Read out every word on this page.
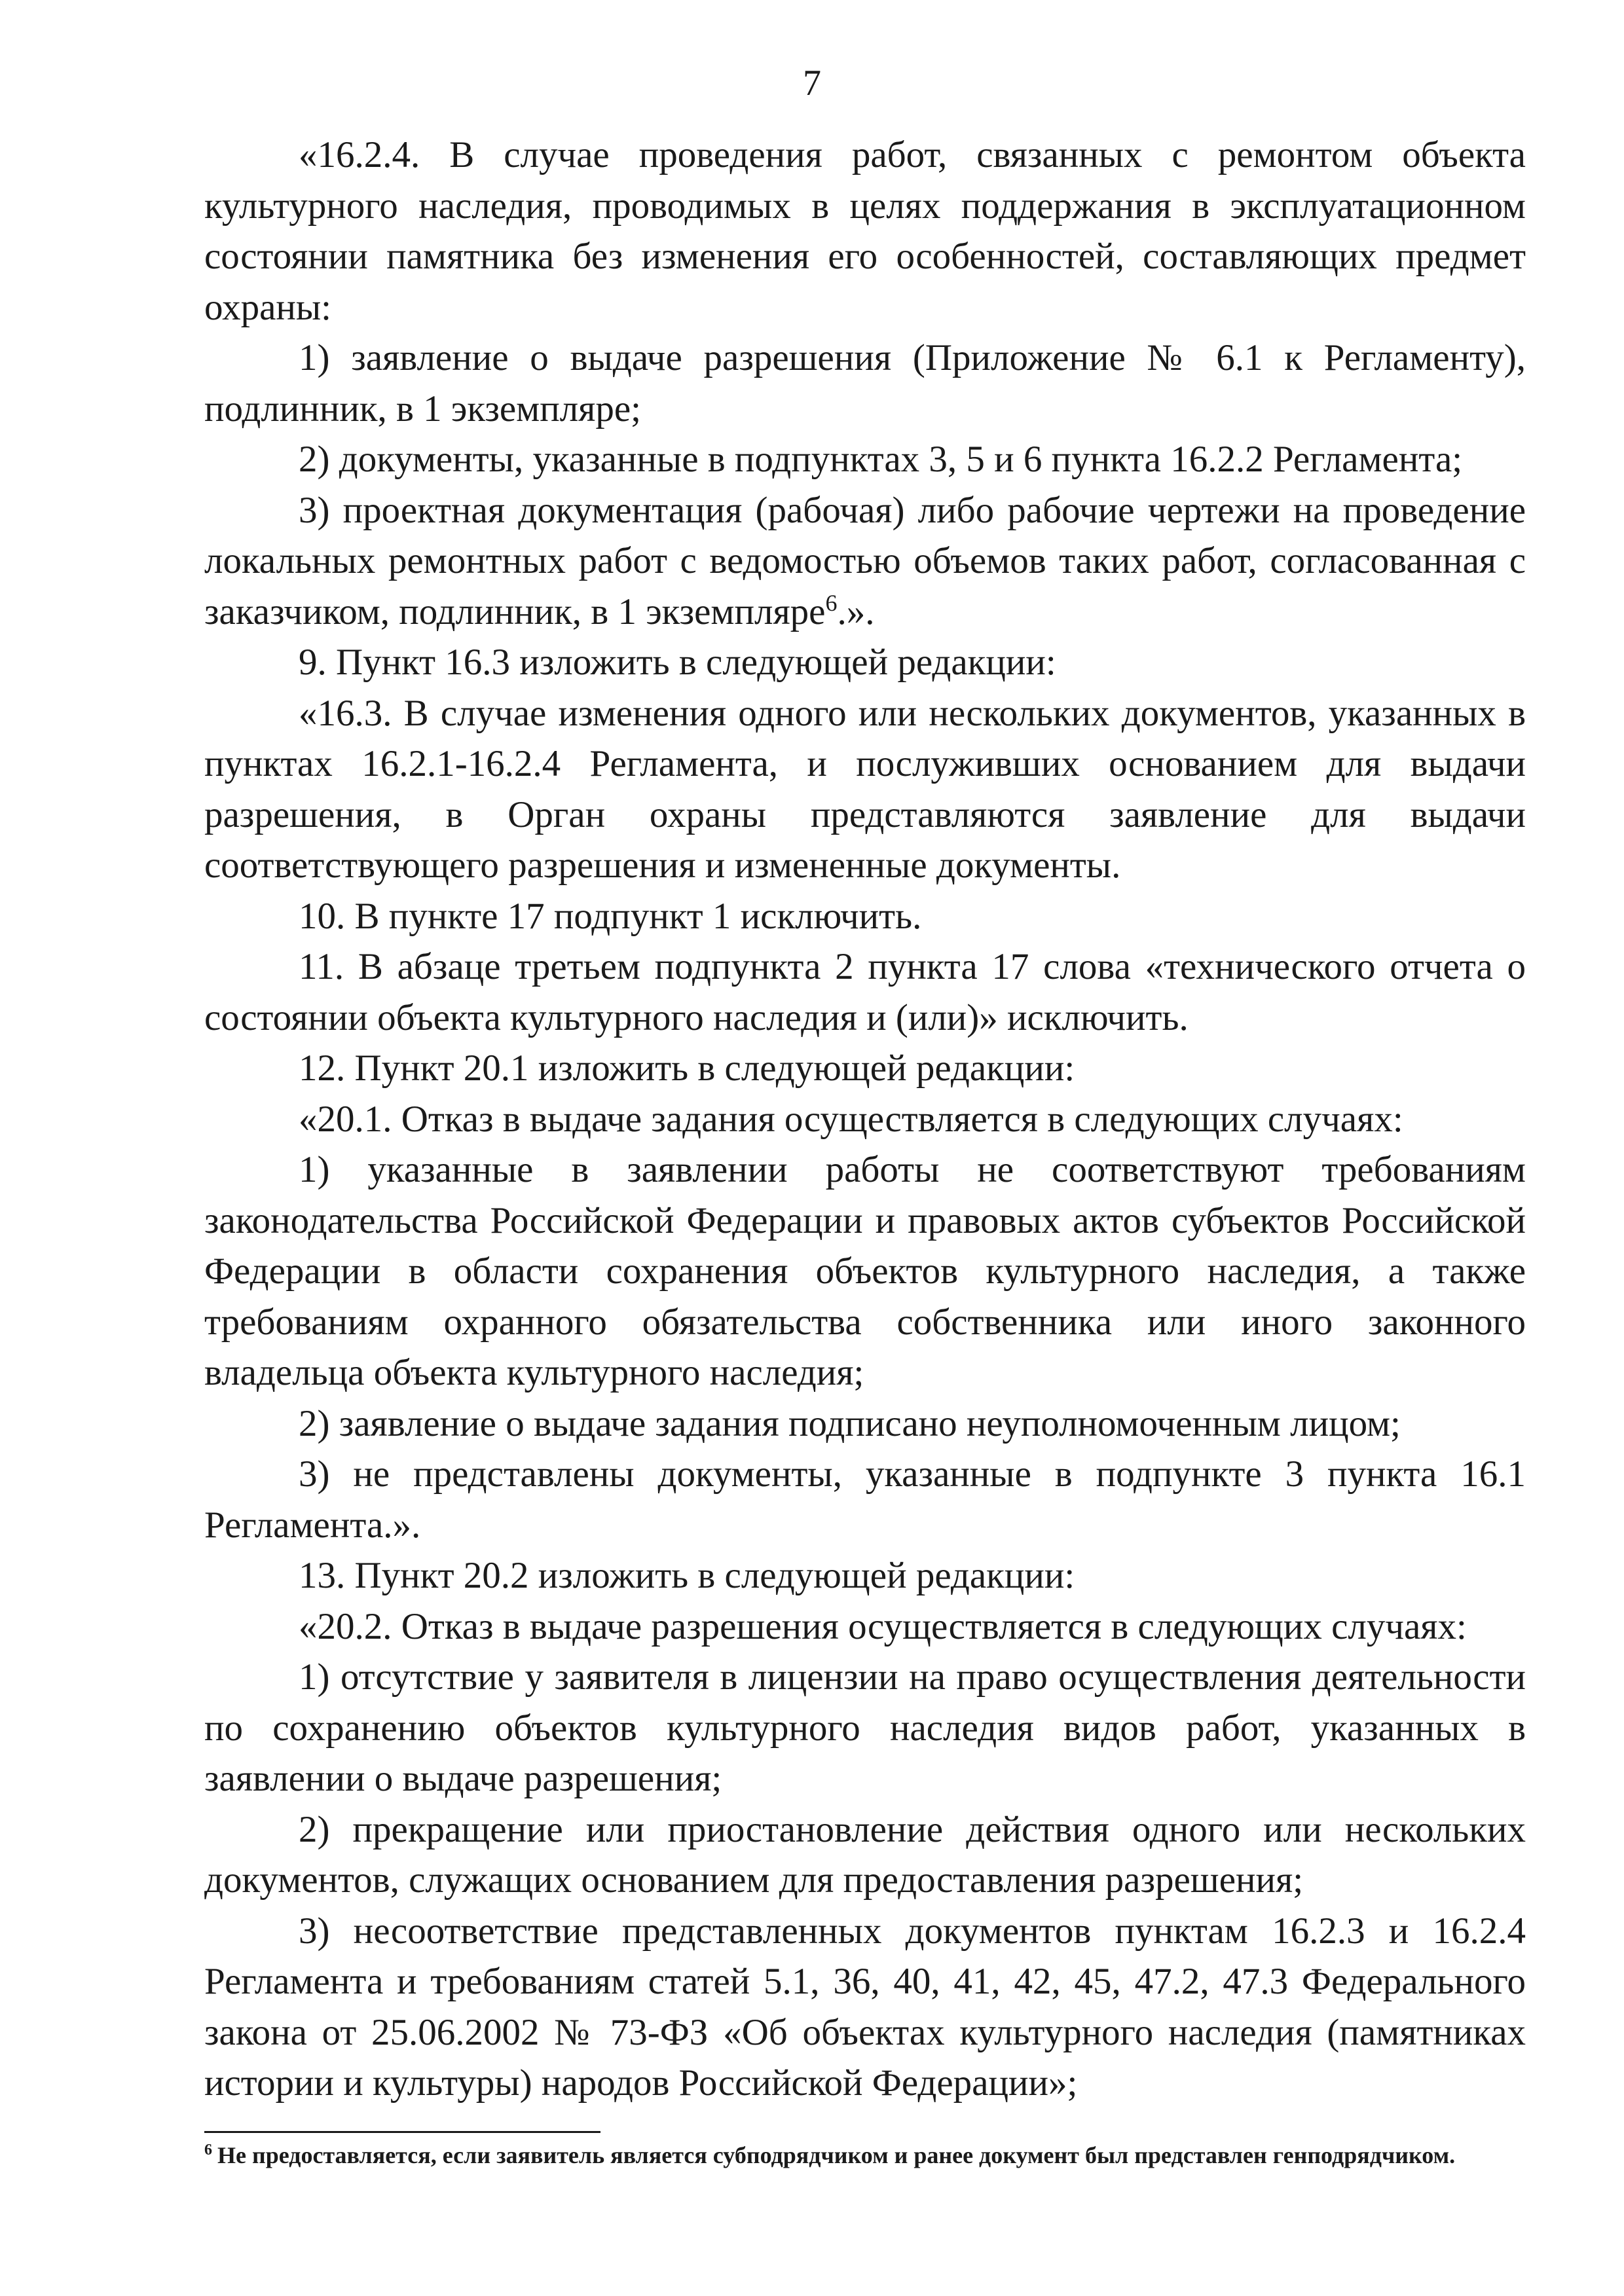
7

«16.2.4. В случае проведения работ, связанных с ремонтом объекта культурного наследия, проводимых в целях поддержания в эксплуатационном состоянии памятника без изменения его особенностей, составляющих предмет охраны:

1) заявление о выдаче разрешения (Приложение № 6.1 к Регламенту), подлинник, в 1 экземпляре;

2) документы, указанные в подпунктах 3, 5 и 6 пункта 16.2.2 Регламента;

3) проектная документация (рабочая) либо рабочие чертежи на проведение локальных ремонтных работ с ведомостью объемов таких работ, согласованная с заказчиком, подлинник, в 1 экземпляре$^6$.».

9. Пункт 16.3 изложить в следующей редакции:

«16.3. В случае изменения одного или нескольких документов, указанных в пунктах 16.2.1-16.2.4 Регламента, и послуживших основанием для выдачи разрешения, в Орган охраны представляются заявление для выдачи соответствующего разрешения и измененные документы.

10. В пункте 17 подпункт 1 исключить.

11. В абзаце третьем подпункта 2 пункта 17 слова «технического отчета о состоянии объекта культурного наследия и (или)» исключить.

12. Пункт 20.1 изложить в следующей редакции:

«20.1. Отказ в выдаче задания осуществляется в следующих случаях:

1) указанные в заявлении работы не соответствуют требованиям законодательства Российской Федерации и правовых актов субъектов Российской Федерации в области сохранения объектов культурного наследия, а также требованиям охранного обязательства собственника или иного законного владельца объекта культурного наследия;

2) заявление о выдаче задания подписано неуполномоченным лицом;

3) не представлены документы, указанные в подпункте 3 пункта 16.1 Регламента.».

13. Пункт 20.2 изложить в следующей редакции:

«20.2. Отказ в выдаче разрешения осуществляется в следующих случаях:

1) отсутствие у заявителя в лицензии на право осуществления деятельности по сохранению объектов культурного наследия видов работ, указанных в заявлении о выдаче разрешения;

2) прекращение или приостановление действия одного или нескольких документов, служащих основанием для предоставления разрешения;

3) несоответствие представленных документов пунктам 16.2.3 и 16.2.4 Регламента и требованиям статей 5.1, 36, 40, 41, 42, 45, 47.2, 47.3 Федерального закона от 25.06.2002 № 73-ФЗ «Об объектах культурного наследия (памятниках истории и культуры) народов Российской Федерации»;

$^6$ Не предоставляется, если заявитель является субподрядчиком и ранее документ был представлен генподрядчиком.
